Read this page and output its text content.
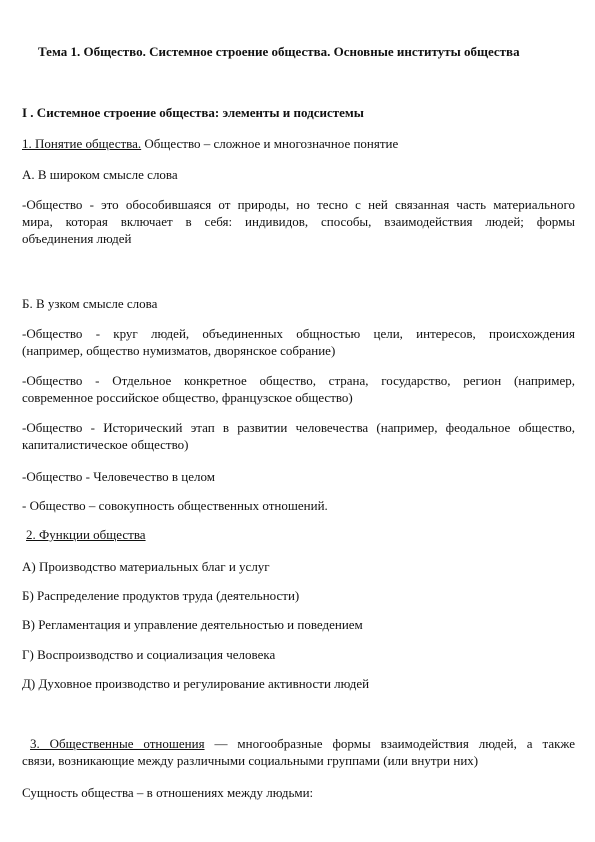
Тема 1. Общество. Системное строение общества. Основные институты общества
I . Системное строение общества: элементы и подсистемы
1. Понятие общества. Общество – сложное и многозначное понятие
А. В широком смысле слова
-Общество - это обособившаяся от природы, но тесно с ней связанная часть материального
мира, которая включает в себя: индивидов, способы, взаимодействия людей; формы
объединения людей
Б. В узком смысле слова
-Общество - круг людей, объединенных общностью цели, интересов, происхождения
(например, общество нумизматов, дворянское собрание)
-Общество - Отдельное конкретное общество, страна, государство, регион (например,
современное российское общество, французское общество)
-Общество - Исторический этап в развитии человечества (например, феодальное общество,
капиталистическое общество)
-Общество - Человечество в целом
- Общество – совокупность общественных отношений.
2. Функции общества
А) Производство материальных благ и услуг
Б) Распределение продуктов труда (деятельности)
В) Регламентация и управление деятельностью и поведением
Г) Воспроизводство и социализация человека
Д) Духовное производство и регулирование активности людей
3. Общественные отношения — многообразные формы взаимодействия людей, а также
связи, возникающие между различными социальными группами (или внутри них)
Сущность общества – в отношениях между людьми:
